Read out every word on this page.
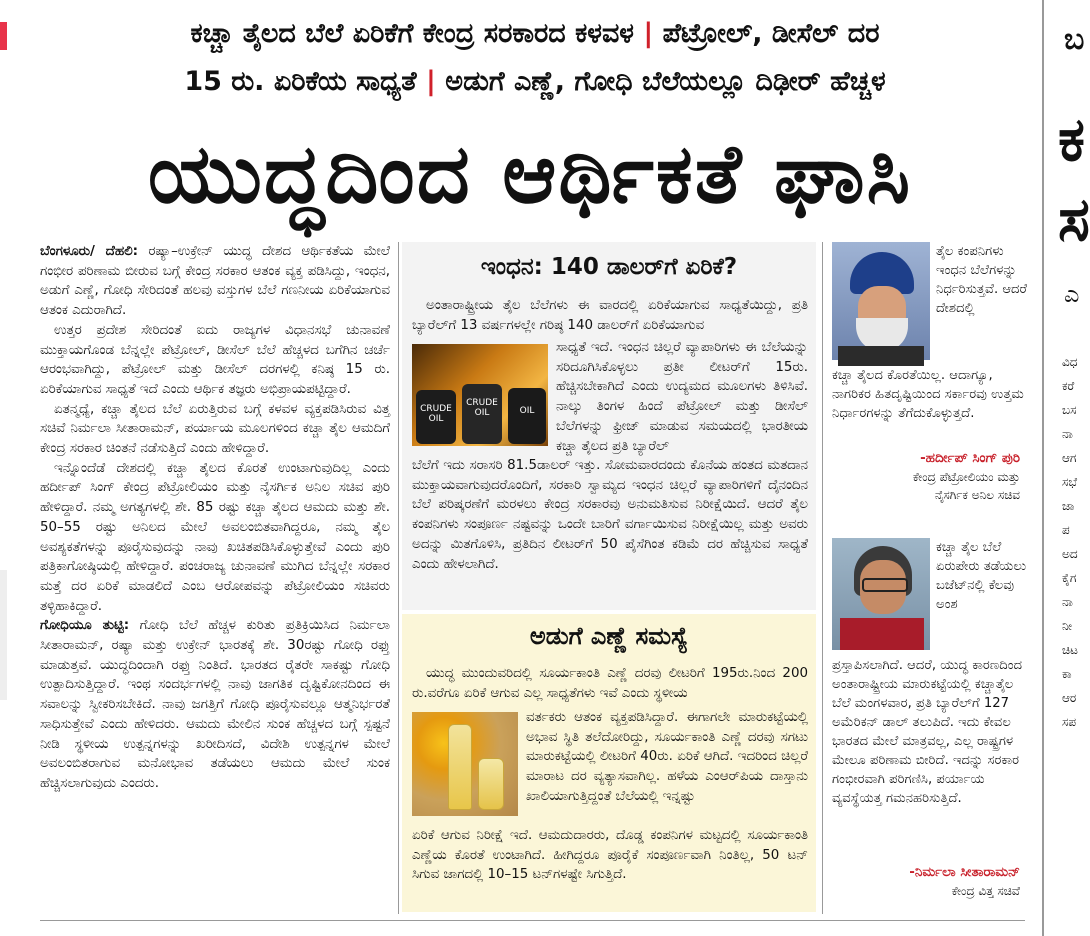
ಕಚ್ಚಾ ತೈಲದ ಬೆಲೆ ಏರಿಕೆಗೆ ಕೇಂದ್ರ ಸರಕಾರದ ಕಳವಳ | ಪೆಟ್ರೋಲ್, ಡೀಸೆಲ್ ದರ
15 ರು. ಏರಿಕೆಯ ಸಾಧ್ಯತೆ | ಅಡುಗೆ ಎಣ್ಣೆ, ಗೋಧಿ ಬೆಲೆಯಲ್ಲೂ ದಿಢೀರ್ ಹೆಚ್ಚಳ
ಯುದ್ಧದಿಂದ ಆರ್ಥಿಕತೆ ಘಾಸಿ
ಬ
ಕ
ಸ
ಎ
ವಿಧ
ಕರೆ
ಬಸ
ನಾ
ಆಗ
ಸಭೆ
ಜಾ
ಪ
ಅದ
ಕೈಗ
ನಾ
ನೀ
ಚಿಟ
ಕಾ
ಆರ
ಸಪ

ಬೆಂಗಳೂರು/ ದೆಹಲಿ: ರಷ್ಯಾ–ಉಕ್ರೇನ್ ಯುದ್ಧ ದೇಶದ ಆರ್ಥಿಕತೆಯ ಮೇಲೆ ಗಂಭೀರ ಪರಿಣಾಮ ಬೀರುವ ಬಗ್ಗೆ ಕೇಂದ್ರ ಸರಕಾರ ಆತಂಕ ವ್ಯಕ್ತ ಪಡಿಸಿದ್ದು, ಇಂಧನ, ಅಡುಗೆ ಎಣ್ಣೆ, ಗೋಧಿ ಸೇರಿದಂತೆ ಹಲವು ವಸ್ತುಗಳ ಬೆಲೆ ಗಣನೀಯ ಏರಿಕೆಯಾಗುವ ಆತಂಕ ಎದುರಾಗಿದೆ.

ಉತ್ತರ ಪ್ರದೇಶ ಸೇರಿದಂತೆ ಐದು ರಾಜ್ಯಗಳ ವಿಧಾನಸಭೆ ಚುನಾವಣೆ ಮುಕ್ತಾಯಗೊಂಡ ಬೆನ್ನಲ್ಲೇ ಪೆಟ್ರೋಲ್, ಡೀಸೆಲ್ ಬೆಲೆ ಹೆಚ್ಚಳದ ಬಗೆಗಿನ ಚರ್ಚೆ ಆರಂಭವಾಗಿದ್ದು, ಪೆಟ್ರೋಲ್ ಮತ್ತು ಡೀಸೆಲ್ ದರಗಳಲ್ಲಿ ಕನಿಷ್ಠ 15 ರು. ಏರಿಕೆಯಾಗುವ ಸಾಧ್ಯತೆ ಇದೆ ಎಂದು ಆರ್ಥಿಕ ತಜ್ಞರು ಅಭಿಪ್ರಾಯಪಟ್ಟಿದ್ದಾರೆ.

ಏತನ್ಮಧ್ಯೆ, ಕಚ್ಚಾ ತೈಲದ ಬೆಲೆ ಏರುತ್ತಿರುವ ಬಗ್ಗೆ ಕಳವಳ ವ್ಯಕ್ತಪಡಿಸಿರುವ ವಿತ್ತ ಸಚಿವೆ ನಿರ್ಮಲಾ ಸೀತಾರಾಮನ್, ಪರ್ಯಾಯ ಮೂಲಗಳಿಂದ ಕಚ್ಚಾ ತೈಲ ಆಮದಿಗೆ ಕೇಂದ್ರ ಸರಕಾರ ಚಿಂತನೆ ನಡೆಸುತ್ತಿದೆ ಎಂದು ಹೇಳಿದ್ದಾರೆ.

ಇನ್ನೊಂದೆಡೆ ದೇಶದಲ್ಲಿ ಕಚ್ಚಾ ತೈಲದ ಕೊರತೆ ಉಂಟಾಗುವುದಿಲ್ಲ ಎಂದು ಹರ್ದೀಪ್ ಸಿಂಗ್ ಕೇಂದ್ರ ಪೆಟ್ರೋಲಿಯಂ ಮತ್ತು ನೈಸರ್ಗಿಕ ಅನಿಲ ಸಚಿವ ಪುರಿ ಹೇಳಿದ್ದಾರೆ. ನಮ್ಮ ಅಗತ್ಯಗಳಲ್ಲಿ ಶೇ. 85 ರಷ್ಟು ಕಚ್ಚಾ ತೈಲದ ಆಮದು ಮತ್ತು ಶೇ. 50–55 ರಷ್ಟು ಅನಿಲದ ಮೇಲೆ ಅವಲಂಬಿತವಾಗಿದ್ದರೂ, ನಮ್ಮ ತೈಲ ಅವಶ್ಯಕತೆಗಳನ್ನು ಪೂರೈಸುವುದನ್ನು ನಾವು ಖಚಿತಪಡಿಸಿಕೊಳ್ಳುತ್ತೇವೆ ಎಂದು ಪುರಿ ಪತ್ರಿಕಾಗೋಷ್ಠಿಯಲ್ಲಿ ಹೇಳಿದ್ದಾರೆ. ಪಂಚರಾಜ್ಯ ಚುನಾವಣೆ ಮುಗಿದ ಬೆನ್ನಲ್ಲೇ ಸರಕಾರ ಮತ್ತೆ ದರ ಏರಿಕೆ ಮಾಡಲಿದೆ ಎಂಬ ಆರೋಪವನ್ನು ಪೆಟ್ರೋಲಿಯಂ ಸಚಿವರು ತಳ್ಳಿಹಾಕಿದ್ದಾರೆ.

ಗೋಧಿಯೂ ತುಟ್ಟಿ: ಗೋಧಿ ಬೆಲೆ ಹೆಚ್ಚಳ ಕುರಿತು ಪ್ರತಿಕ್ರಿಯಿಸಿದ ನಿರ್ಮಲಾ ಸೀತಾರಾಮನ್, ರಷ್ಯಾ ಮತ್ತು ಉಕ್ರೇನ್ ಭಾರತಕ್ಕೆ ಶೇ. 30ರಷ್ಟು ಗೋಧಿ ರಫ್ತು ಮಾಡುತ್ತವೆ. ಯುದ್ಧದಿಂದಾಗಿ ರಫ್ತು ನಿಂತಿದೆ. ಭಾರತದ ರೈತರೇ ಸಾಕಷ್ಟು ಗೋಧಿ ಉತ್ಪಾದಿಸುತ್ತಿದ್ದಾರೆ. ಇಂಥ ಸಂದರ್ಭಗಳಲ್ಲಿ ನಾವು ಜಾಗತಿಕ ದೃಷ್ಟಿಕೋನದಿಂದ ಈ ಸವಾಲನ್ನು ಸ್ವೀಕರಿಸಬೇಕಿದೆ. ನಾವು ಜಗತ್ತಿಗೆ ಗೋಧಿ ಪೂರೈಸುವಲ್ಲೂ ಆತ್ಮನಿರ್ಭರತೆ ಸಾಧಿಸುತ್ತೇವೆ ಎಂದು ಹೇಳಿದರು. ಆಮದು ಮೇಲಿನ ಸುಂಕ ಹೆಚ್ಚಳದ ಬಗ್ಗೆ ಸ್ಪಷ್ಟನೆ ನೀಡಿ ಸ್ಥಳೀಯ ಉತ್ಪನ್ನಗಳನ್ನು ಖರೀದಿಸದೆ, ವಿದೇಶಿ ಉತ್ಪನ್ನಗಳ ಮೇಲೆ ಅವಲಂಬಿತರಾಗುವ ಮನೋಭಾವ ತಡೆಯಲು ಆಮದು ಮೇಲೆ ಸುಂಕ ಹೆಚ್ಚಿಸಲಾಗುವುದು ಎಂದರು.

ಇಂಧನ: 140 ಡಾಲರ್‌ಗೆ ಏರಿಕೆ?
ಅಂತಾರಾಷ್ಟ್ರೀಯ ತೈಲ ಬೆಲೆಗಳು ಈ ವಾರದಲ್ಲಿ ಏರಿಕೆಯಾಗುವ ಸಾಧ್ಯತೆಯಿದ್ದು, ಪ್ರತಿ ಬ್ಯಾರೆಲ್‌ಗೆ 13 ವರ್ಷಗಳಲ್ಲೇ ಗರಿಷ್ಠ 140 ಡಾಲರ್‌ಗೆ ಏರಿಕೆಯಾಗುವ
CRUDE OIL
CRUDE OIL	OIL
ಸಾಧ್ಯತೆ ಇದೆ. ಇಂಧನ ಚಿಲ್ಲರೆ ವ್ಯಾಪಾರಿಗಳು ಈ ಬೆಲೆಯನ್ನು ಸರಿದೂಗಿಸಿಕೊಳ್ಳಲು ಪ್ರತೀ ಲೀಟರ್‌ಗೆ 15ರು. ಹೆಚ್ಚಿಸಬೇಕಾಗಿದೆ ಎಂದು ಉದ್ಯಮದ ಮೂಲಗಳು ತಿಳಿಸಿವೆ. ನಾಲ್ಕು ತಿಂಗಳ ಹಿಂದೆ ಪೆಟ್ರೋಲ್ ಮತ್ತು ಡೀಸೆಲ್ ಬೆಲೆಗಳನ್ನು ಫ್ರೀಜ್ ಮಾಡುವ ಸಮಯದಲ್ಲಿ ಭಾರತೀಯ ಕಚ್ಚಾ ತೈಲದ ಪ್ರತಿ ಬ್ಯಾರೆಲ್
ಬೆಲೆಗೆ ಇದು ಸರಾಸರಿ 81.5ಡಾಲರ್ ಇತ್ತು. ಸೋಮವಾರದಂದು ಕೊನೆಯ ಹಂತದ ಮತದಾನ ಮುಕ್ತಾಯವಾಗುವುದರೊಂದಿಗೆ, ಸರಕಾರಿ ಸ್ವಾಮ್ಯದ ಇಂಧನ ಚಿಲ್ಲರೆ ವ್ಯಾಪಾರಿಗಳಿಗೆ ದೈನಂದಿನ ಬೆಲೆ ಪರಿಷ್ಕರಣೆಗೆ ಮರಳಲು ಕೇಂದ್ರ ಸರಕಾರವು ಅನುಮತಿಸುವ ನಿರೀಕ್ಷೆಯಿದೆ. ಆದರೆ ತೈಲ ಕಂಪನಿಗಳು ಸಂಪೂರ್ಣ ನಷ್ಟವನ್ನು ಒಂದೇ ಬಾರಿಗೆ ವರ್ಗಾಯಿಸುವ ನಿರೀಕ್ಷೆಯಿಲ್ಲ ಮತ್ತು ಅವರು ಅದನ್ನು ಮಿತಗೊಳಿಸಿ, ಪ್ರತಿದಿನ ಲೀಟರ್‌ಗೆ 50 ಪೈಸೆಗಿಂತ ಕಡಿಮೆ ದರ ಹೆಚ್ಚಿಸುವ ಸಾಧ್ಯತೆ ಎಂದು ಹೇಳಲಾಗಿದೆ.
ಅಡುಗೆ ಎಣ್ಣೆ ಸಮಸ್ಯೆ
ಯುದ್ಧ ಮುಂದುವರಿದಲ್ಲಿ ಸೂರ್ಯಕಾಂತಿ ಎಣ್ಣೆ ದರವು ಲೀಟರಿಗೆ 195ರು.ನಿಂದ 200 ರು.ವರೆಗೂ ಏರಿಕೆ ಆಗುವ ಎಲ್ಲ ಸಾಧ್ಯತೆಗಳು ಇವೆ ಎಂದು ಸ್ಥಳೀಯ
ವರ್ತಕರು ಆತಂಕ ವ್ಯಕ್ತಪಡಿಸಿದ್ದಾರೆ. ಈಗಾಗಲೇ ಮಾರುಕಟ್ಟೆಯಲ್ಲಿ ಅಭಾವ ಸ್ಥಿತಿ ತಲೆದೋರಿದ್ದು, ಸೂರ್ಯಕಾಂತಿ ಎಣ್ಣೆ ದರವು ಸಗಟು ಮಾರುಕಟ್ಟೆಯಲ್ಲಿ ಲೀಟರಿಗೆ 40ರು. ಏರಿಕೆ ಆಗಿದೆ. ಇದರಿಂದ ಚಿಲ್ಲರೆ ಮಾರಾಟ ದರ ವ್ಯತ್ಯಾಸವಾಗಿಲ್ಲ. ಹಳೆಯ ಎಂಆರ್‌ಪಿಯ ದಾಸ್ತಾನು ಖಾಲಿಯಾಗುತ್ತಿದ್ದಂತೆ ಬೆಲೆಯಲ್ಲಿ ಇನ್ನಷ್ಟು
ಏರಿಕೆ ಆಗುವ ನಿರೀಕ್ಷೆ ಇದೆ. ಆಮದುದಾರರು, ದೊಡ್ಡ ಕಂಪನಿಗಳ ಮಟ್ಟದಲ್ಲಿ ಸೂರ್ಯಕಾಂತಿ ಎಣ್ಣೆಯ ಕೊರತೆ ಉಂಟಾಗಿದೆ. ಹೀಗಿದ್ದರೂ ಪೂರೈಕೆ ಸಂಪೂರ್ಣವಾಗಿ ನಿಂತಿಲ್ಲ, 50 ಟನ್ ಸಿಗುವ ಜಾಗದಲ್ಲಿ 10–15 ಟನ್‌ಗಳಷ್ಟೇ ಸಿಗುತ್ತಿದೆ.
ತೈಲ ಕಂಪನಿಗಳು ಇಂಧನ ಬೆಲೆಗಳನ್ನು ನಿರ್ಧರಿಸುತ್ತವೆ. ಆದರೆ ದೇಶದಲ್ಲಿ
ಕಚ್ಚಾ ತೈಲದ ಕೊರತೆಯಿಲ್ಲ. ಆದಾಗ್ಯೂ, ನಾಗರಿಕರ ಹಿತದೃಷ್ಟಿಯಿಂದ ಸರ್ಕಾರವು ಉತ್ತಮ ನಿರ್ಧಾರಗಳನ್ನು ತೆಗೆದುಕೊಳ್ಳುತ್ತದೆ.
-ಹರ್ದೀಪ್ ಸಿಂಗ್ ಪುರಿ
ಕೇಂದ್ರ ಪೆಟ್ರೋಲಿಯಂ ಮತ್ತು
ನೈಸರ್ಗಿಕ ಅನಿಲ ಸಚಿವ
ಕಚ್ಚಾ ತೈಲ ಬೆಲೆ ಏರುಪೇರು ತಡೆಯಲು ಬಜೆಟ್‌ನಲ್ಲಿ ಕೆಲವು ಅಂಶ
ಪ್ರಸ್ತಾಪಿಸಲಾಗಿದೆ. ಆದರೆ, ಯುದ್ಧ ಕಾರಣದಿಂದ ಅಂತಾರಾಷ್ಟ್ರೀಯ ಮಾರುಕಟ್ಟೆಯಲ್ಲಿ ಕಚ್ಚಾತೈಲ ಬೆಲೆ ಮಂಗಳವಾರ, ಪ್ರತಿ ಬ್ಯಾರೆಲ್‌ಗೆ 127 ಅಮೆರಿಕನ್ ಡಾಲ್ ತಲುಪಿದೆ. ಇದು ಕೇವಲ ಭಾರತದ ಮೇಲೆ ಮಾತ್ರವಲ್ಲ, ಎಲ್ಲ ರಾಷ್ಟ್ರಗಳ ಮೇಲೂ ಪರಿಣಾಮ ಬೀರಿದೆ. ಇದನ್ನು ಸರಕಾರ ಗಂಭೀರವಾಗಿ ಪರಿಗಣಿಸಿ, ಪರ್ಯಾಯ ವ್ಯವಸ್ಥೆಯತ್ತ ಗಮನಹರಿಸುತ್ತಿದೆ.
-ನಿರ್ಮಲಾ ಸೀತಾರಾಮನ್
ಕೇಂದ್ರ ವಿತ್ತ ಸಚಿವೆ
